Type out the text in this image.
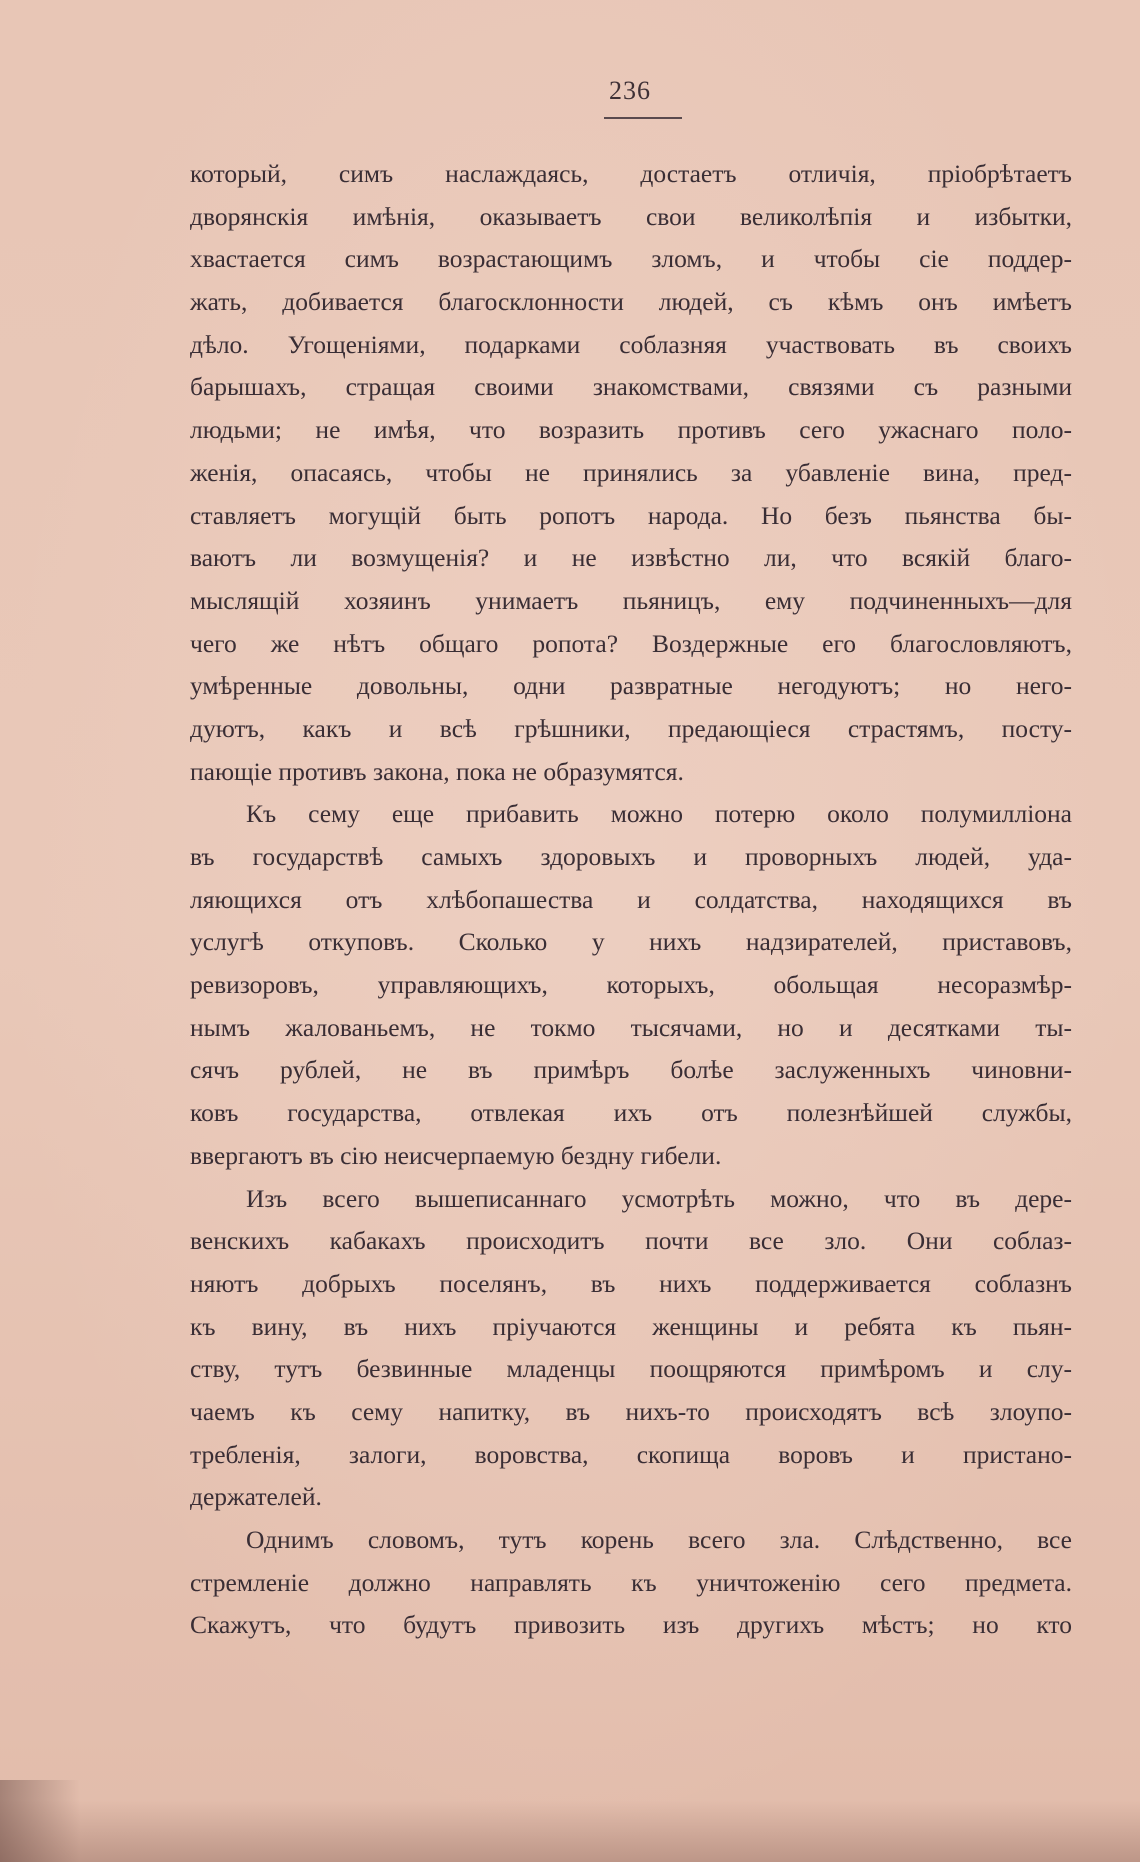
236
который, симъ наслаждаясь, достаетъ отличія, пріобрѣтаетъ
дворянскія имѣнія, оказываетъ свои великолѣпія и избытки,
хвастается симъ возрастающимъ зломъ, и чтобы сіе поддер-
жать, добивается благосклонности людей, съ кѣмъ онъ имѣетъ
дѣло. Угощеніями, подарками соблазняя участвовать въ своихъ
барышахъ, стращая своими знакомствами, связями съ разными
людьми; не имѣя, что возразить противъ сего ужаснаго поло-
женія, опасаясь, чтобы не принялись за убавленіе вина, пред-
ставляетъ могущій быть ропотъ народа. Но безъ пьянства бы-
ваютъ ли возмущенія? и не извѣстно ли, что всякій благо-
мыслящій хозяинъ унимаетъ пьяницъ, ему подчиненныхъ—для
чего же нѣтъ общаго ропота? Воздержные его благословляютъ,
умѣренные довольны, одни развратные негодуютъ; но него-
дуютъ, какъ и всѣ грѣшники, предающіеся страстямъ, посту-
пающіе противъ закона, пока не образумятся.
Къ сему еще прибавить можно потерю около полумилліона
въ государствѣ самыхъ здоровыхъ и проворныхъ людей, уда-
ляющихся отъ хлѣбопашества и солдатства, находящихся въ
услугѣ откуповъ. Сколько у нихъ надзирателей, приставовъ,
ревизоровъ, управляющихъ, которыхъ, обольщая несоразмѣр-
нымъ жалованьемъ, не токмо тысячами, но и десятками ты-
сячъ рублей, не въ примѣръ болѣе заслуженныхъ чиновни-
ковъ государства, отвлекая ихъ отъ полезнѣйшей службы,
ввергаютъ въ сію неисчерпаемую бездну гибели.
Изъ всего вышеписаннаго усмотрѣть можно, что въ дере-
венскихъ кабакахъ происходитъ почти все зло. Они соблаз-
няютъ добрыхъ поселянъ, въ нихъ поддерживается соблазнъ
къ вину, въ нихъ пріучаются женщины и ребята къ пьян-
ству, тутъ безвинные младенцы поощряются примѣромъ и слу-
чаемъ къ сему напитку, въ нихъ-то происходятъ всѣ злоупо-
требленія, залоги, воровства, скопища воровъ и пристано-
держателей.
Однимъ словомъ, тутъ корень всего зла. Слѣдственно, все
стремленіе должно направлять къ уничтоженію сего предмета.
Скажутъ, что будутъ привозить изъ другихъ мѣстъ; но кто
